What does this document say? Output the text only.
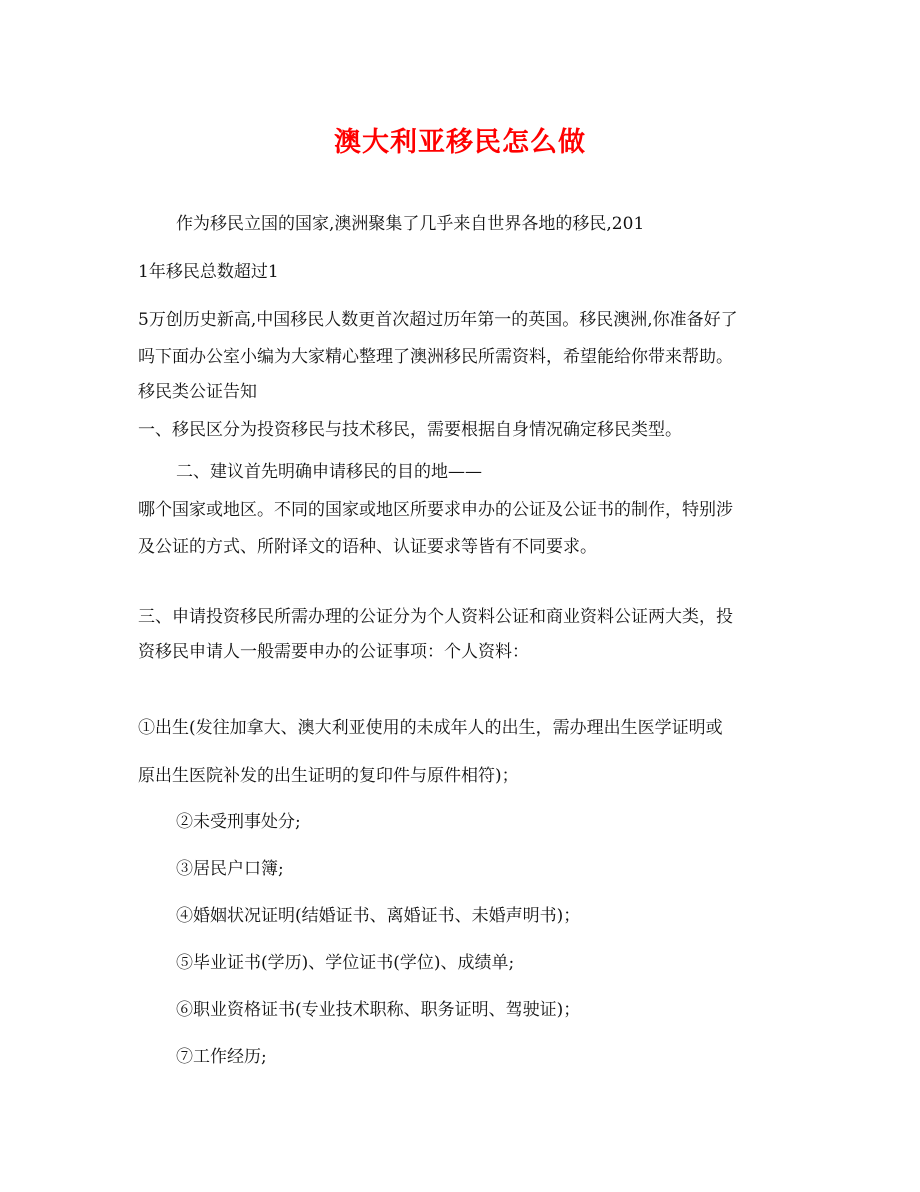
澳大利亚移民怎么做
作为移民立国的国家,澳洲聚集了几乎来自世界各地的移民,201
1年移民总数超过1
5万创历史新高,中国移民人数更首次超过历年第一的英国。移民澳洲,你准备好了
吗下面办公室小编为大家精心整理了澳洲移民所需资料，希望能给你带来帮助。
移民类公证告知
一、移民区分为投资移民与技术移民，需要根据自身情况确定移民类型。
二、建议首先明确申请移民的目的地——
哪个国家或地区。不同的国家或地区所要求申办的公证及公证书的制作，特别涉
及公证的方式、所附译文的语种、认证要求等皆有不同要求。
三、申请投资移民所需办理的公证分为个人资料公证和商业资料公证两大类，投
资移民申请人一般需要申办的公证事项：个人资料：
①出生(发往加拿大、澳大利亚使用的未成年人的出生，需办理出生医学证明或
原出生医院补发的出生证明的复印件与原件相符)；
②未受刑事处分;
③居民户口簿;
④婚姻状况证明(结婚证书、离婚证书、未婚声明书)；
⑤毕业证书(学历)、学位证书(学位)、成绩单;
⑥职业资格证书(专业技术职称、职务证明、驾驶证)；
⑦工作经历;
